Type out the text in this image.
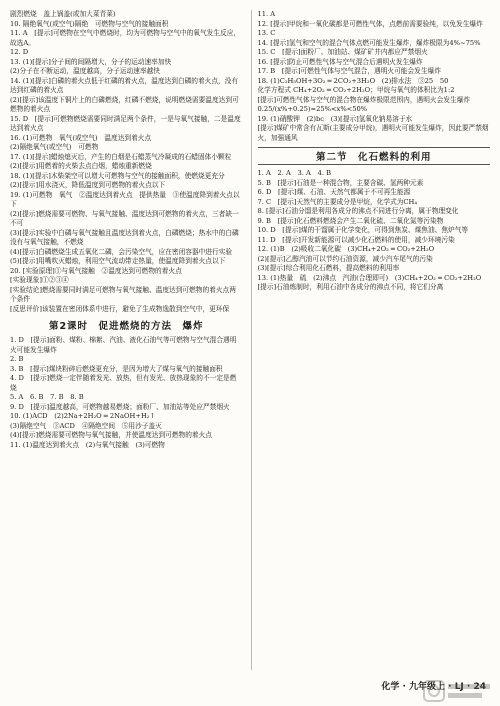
剧烈燃烧　盖上锅盖(或加大菜青菜)
10. 隔绝氧气(或空气)隔绝　可燃物与空气的接触面积
11. A　[提示]可燃物在空气中燃烧时，均为可燃物与空气中的氧气发生反应，故选A。
12. D
13. (1)[提示]分子间的间隔增大，分子的运动速率加快
(2)分子在不断运动，温度越高，分子运动速率越快
14. (1)[提示]白磷的着火点低于红磷的着火点，温度达到白磷的着火点，没有达到红磷的着火点
(2)[提示]该温度下铜片上的白磷燃烧，红磷不燃烧，说明燃烧需要温度达到可燃物的着火点
15. D　[提示]可燃物燃烧需要同时满足两个条件，一是与氧气接触，二是温度达到着火点
16. (1)可燃物　氧气(或空气)　温度达到着火点
(2)隔绝氧气(或空气)　可燃物
17. (1)[提示]蜡烛熄灭后，产生的白烟是石蜡蒸气冷凝成的石蜡固体小颗粒
(2)[提示]用燃着的火柴去点白烟，蜡烛重新燃烧
18. (1)[提示]木柴架空可以增大可燃物与空气的接触面积，使燃烧更充分
(2)[提示]用水浇灭，降低温度到可燃物的着火点以下
19. (1)可燃物　氧气　②温度达到着火点　提供热量　③使温度降到着火点以下
(2)[提示]燃烧需要可燃物、与氧气接触、温度达到可燃物的着火点，三者缺一不可
(3)[提示]实验中白磷与氧气接触且温度达到着火点，白磷燃烧；热水中的白磷没有与氧气接触，不燃烧
(4)[提示]白磷燃烧生成五氧化二磷，会污染空气，应在密闭容器中进行实验
(5)[提示]用嘴吹灭蜡烛，利用空气流动带走热量，使温度降到着火点以下
20. [实验原理]①与氧气接触　②温度达到可燃物的着火点
[实验现象]①②③④
[实验结论]燃烧需要同时满足可燃物与氧气接触、温度达到可燃物的着火点两个条件
[反思评价]该装置在密闭体系中进行，避免了生成物逸散到空气中，更环保
第2课时　促进燃烧的方法　爆炸
1. D　[提示]面粉、煤粉、棉絮、汽油、液化石油气等可燃物与空气混合遇明火可能发生爆炸
2. B
3. B　[提示]煤块粉碎后燃烧更充分，是因为增大了煤与氧气的接触面积
4. D　[提示]燃烧一定伴随着发光、放热，但有发光、放热现象的不一定是燃烧
5. A　6. B　7. B　8. B
9. D　[提示]温度越高，可燃物越易燃烧；面粉厂、加油站等处应严禁烟火
10. (1)ACD　(2)2Na+2H₂O ═ 2NaOH+H₂↑
(3)隔绝空气　③ACD　④隔绝空间　⑤用沙子盖灭
(4)[提示]燃烧需要可燃物与氧气接触，并使温度达到可燃物的着火点
11. (1)温度达到着火点　(2)与氧气接触　(3)可燃物
11. A
12. [提示]甲烷和一氧化碳都是可燃性气体，点燃前需要验纯，以免发生爆炸
13. C
14. [提示]氢气和空气的混合气体点燃可能发生爆炸，爆炸极限为4%~75%
15. C　[提示]面粉厂、加油站、煤矿矿井内都应严禁烟火
16. [提示]防止可燃性气体与空气混合后遇明火发生爆炸
17. B　[提示]可燃性气体与空气混合，遇明火可能会发生爆炸
18. (1)C₂H₅OH+3O₂ ═ 2CO₂+3H₂O　(2)排水法　③25　50
化学方程式 CH₄+2O₂ ═ CO₂+2H₂O；甲烷与氧气的体积比为1:2
[提示]可燃性气体与空气的混合物在爆炸极限范围内，遇明火会发生爆炸
0.25/(x%+0.25)=25%<x%<50%
19. (1)硝酸钾　(2)bc　(3)[提示]氢氧化钠易溶于水
[提示]煤矿中常含有瓦斯(主要成分甲烷)，遇明火可能发生爆炸，因此要严禁烟火，加强通风
第二节　化石燃料的利用
1. A　2. A　3. A　4. B
5. B　[提示]石油是一种混合物，主要含碳、氢两种元素
6. D　[提示]煤、石油、天然气都属于不可再生能源
7. C　[提示]天然气的主要成分是甲烷，化学式为CH₄
8. [提示]石油分馏是利用各成分的沸点不同进行分离，属于物理变化
9. B　[提示]化石燃料燃烧会产生二氧化硫、二氧化氮等污染物
10. D　[提示]煤的干馏属于化学变化，可得到焦炭、煤焦油、焦炉气等
11. D　[提示]开发新能源可以减少化石燃料的使用，减少环境污染
12. (1)B　(2)吸收二氧化碳　(3)CH₄+2O₂ ═ CO₂+2H₂O
(2)[提示]乙醇汽油可以节约石油资源，减少汽车尾气的污染
(3)[提示]综合利用化石燃料，提高燃料的利用率
13. (1)热量　硫　(2)沸点　汽油(合理即可)　(3)CH₄+2O₂ ═ CO₂+2H₂O
[提示]石油炼制时，利用石油中各成分的沸点不同，将它们分离
化学 · 九年级上 · LJ · 24
